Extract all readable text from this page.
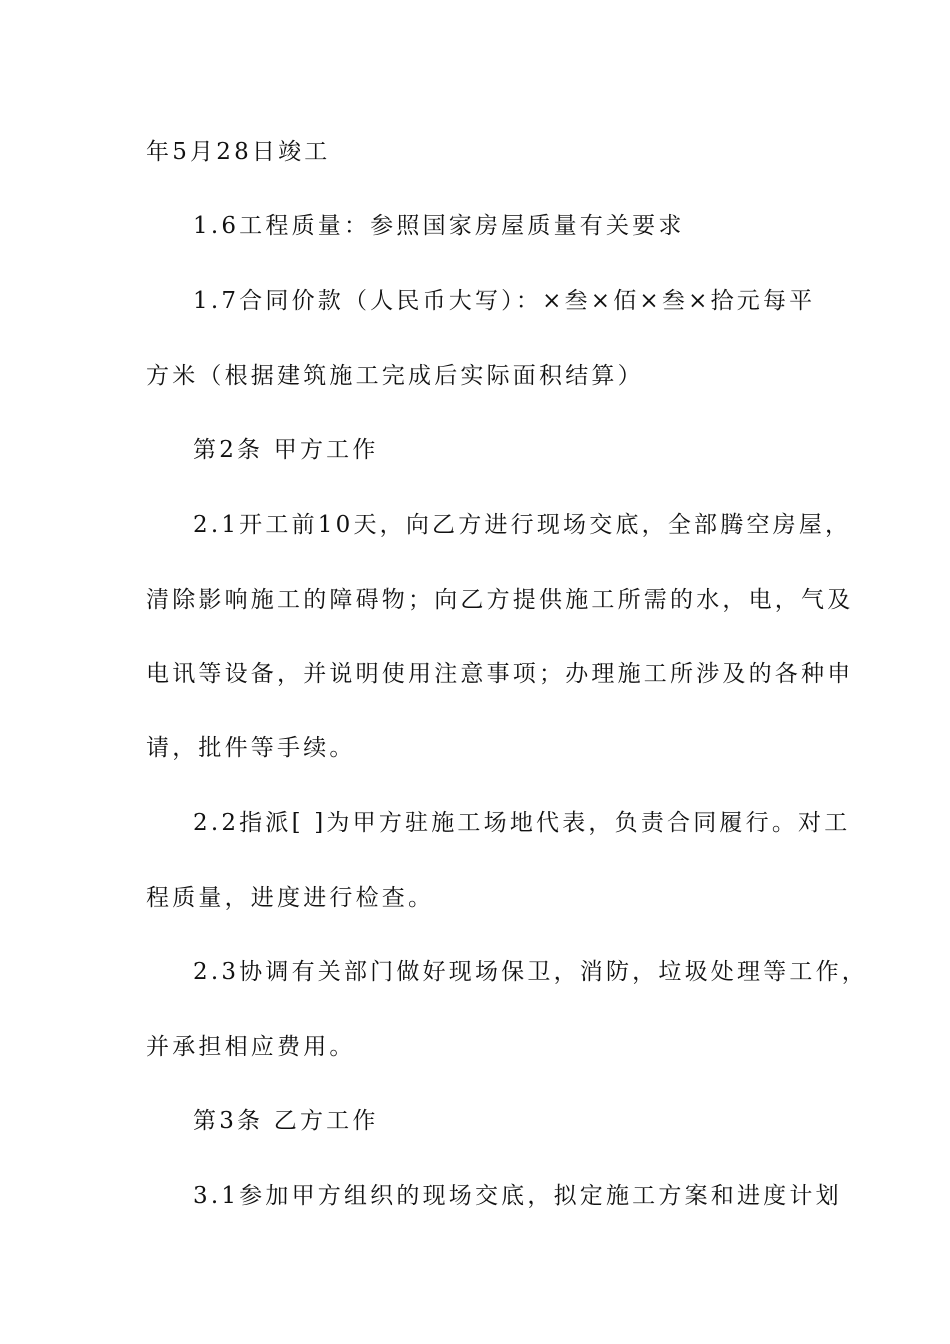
年5月28日竣工
1.6工程质量：参照国家房屋质量有关要求
1.7合同价款（人民币大写）：×叁×佰×叁×拾元每平
方米（根据建筑施工完成后实际面积结算）
第2条 甲方工作
2.1开工前10天，向乙方进行现场交底，全部腾空房屋，
清除影响施工的障碍物；向乙方提供施工所需的水，电，气及
电讯等设备，并说明使用注意事项；办理施工所涉及的各种申
请，批件等手续。
2.2指派[ ]为甲方驻施工场地代表，负责合同履行。对工
程质量，进度进行检查。
2.3协调有关部门做好现场保卫，消防，垃圾处理等工作，
并承担相应费用。
第3条 乙方工作
3.1参加甲方组织的现场交底，拟定施工方案和进度计划
